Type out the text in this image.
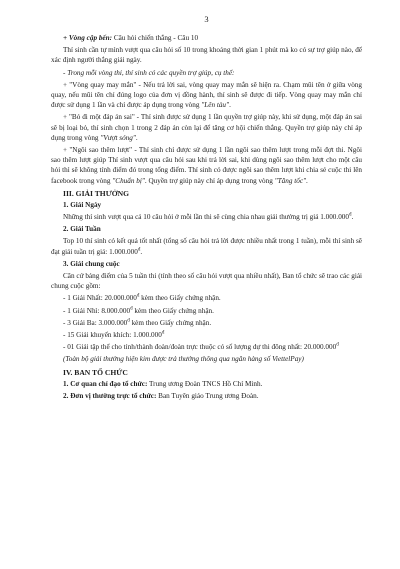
3

+ Vòng cập bến: Câu hỏi chiến thắng - Câu 10

Thí sinh cần tự mình vượt qua câu hỏi số 10 trong khoảng thời gian 1 phút mà ko có sự trợ giúp nào, để xác định người thắng giải ngày.

- Trong mỗi vòng thi, thí sinh có các quyền trợ giúp, cụ thể:

+ "Vòng quay may mắn" - Nếu trả lời sai, vòng quay may mắn sẽ hiện ra. Chạm mũi tên ở giữa vòng quay, nếu mũi tên chỉ đúng logo của đơn vị đồng hành, thí sinh sẽ được đi tiếp. Vòng quay may mắn chỉ được sử dụng 1 lần và chỉ được áp dụng trong vòng "Lên tàu".

+ "Bỏ đi một đáp án sai" - Thí sinh được sử dụng 1 lần quyền trợ giúp này, khi sử dụng, một đáp án sai sẽ bị loại bỏ, thí sinh chọn 1 trong 2 đáp án còn lại để tăng cơ hội chiến thắng. Quyền trợ giúp này chỉ áp dụng trong vòng "Vượt sóng".

+ "Ngôi sao thêm lượt" - Thí sinh chỉ được sử dụng 1 lần ngôi sao thêm lượt trong mỗi đợt thi. Ngôi sao thêm lượt giúp Thí sinh vượt qua câu hỏi sau khi trả lời sai, khi dùng ngôi sao thêm lượt cho một câu hỏi thì sẽ không tính điểm đó trong tổng điểm. Thí sinh có được ngôi sao thêm lượt khi chia sẻ cuộc thi lên facebook trong vòng "Chuẩn bị". Quyền trợ giúp này chỉ áp dụng trong vòng "Tăng tốc".

III. GIẢI THƯỞNG

1. Giải Ngày

Những thí sinh vượt qua cả 10 câu hỏi ở mỗi lần thi sẽ cùng chia nhau giải thưởng trị giá $1.000.000^đ$.

2. Giải Tuần

Top 10 thí sinh có kết quả tốt nhất (tổng số câu hỏi trả lời được nhiều nhất trong 1 tuần), mỗi thí sinh sẽ đạt giải tuần trị giá: $1.000.000^đ$.

3. Giải chung cuộc

Căn cứ bảng điểm của 5 tuần thi (tính theo số câu hỏi vượt qua nhiều nhất), Ban tổ chức sẽ trao các giải chung cuộc gồm:

- 1 Giải Nhất: $20.000.000^đ$ kèm theo Giấy chứng nhận.

- 1 Giải Nhì: $8.000.000^đ$ kèm theo Giấy chứng nhận.

- 3 Giải Ba: $3.000.000^đ$ kèm theo Giấy chứng nhận.

- 15 Giải khuyến khích: $1.000.000^đ$

- 01 Giải tập thể cho tỉnh/thành đoàn/đoàn trực thuộc có số lượng dự thi đông nhất: $20.000.000^đ$

(Toàn bộ giải thưởng hiện kim được trả thưởng thông qua ngân hàng số ViettelPay)

IV. BAN TỔ CHỨC

1. Cơ quan chỉ đạo tổ chức: Trung ương Đoàn TNCS Hồ Chí Minh.

2. Đơn vị thường trực tổ chức: Ban Tuyên giáo Trung ương Đoàn.
